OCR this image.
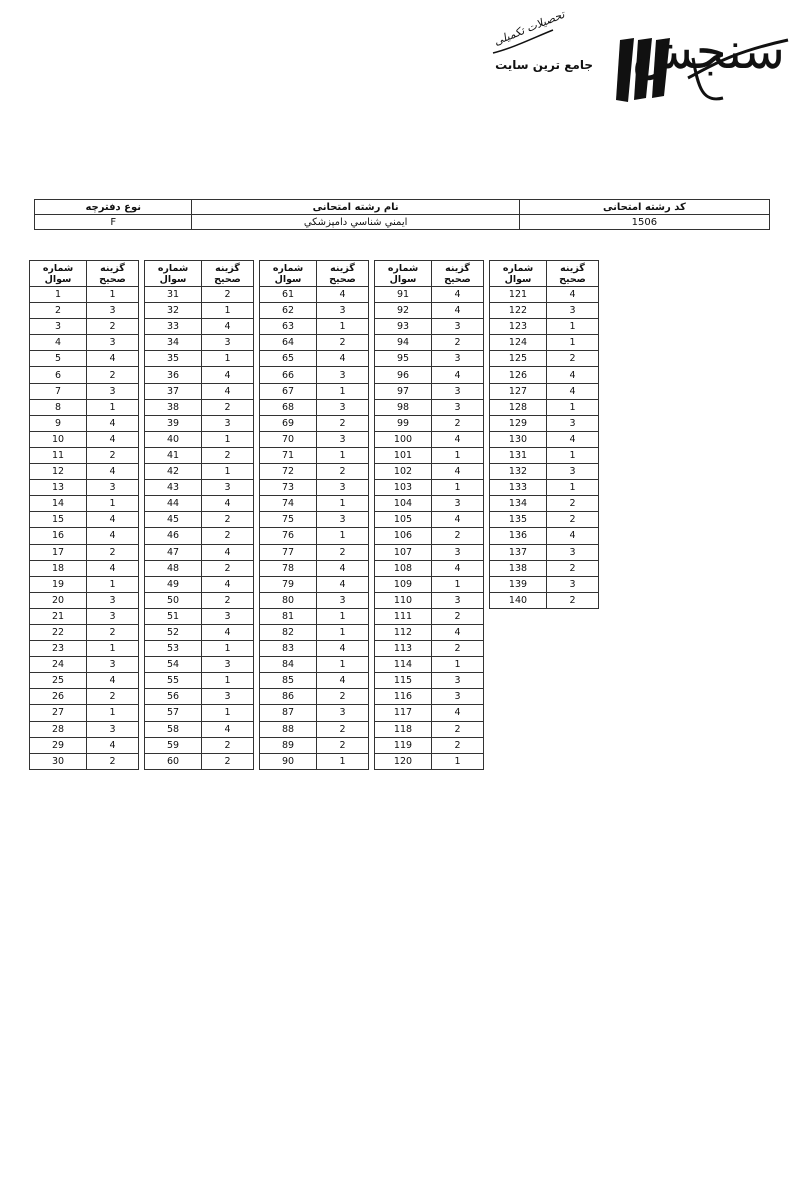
سنجش
جامع ترین سایت
تحصیلات تکمیلی
کد رشته امتحانی	نام رشته امتحانی	نوع دفترچه
1506	ايمني شناسي دامپزشكي	F
شماره سوال	گزینه صحیح
1	1
2	3
3	2
4	3
5	4
6	2
7	3
8	1
9	4
10	4
11	2
12	4
13	3
14	1
15	4
16	4
17	2
18	4
19	1
20	3
21	3
22	2
23	1
24	3
25	4
26	2
27	1
28	3
29	4
30	2
شماره سوال	گزینه صحیح
31	2
32	1
33	4
34	3
35	1
36	4
37	4
38	2
39	3
40	1
41	2
42	1
43	3
44	4
45	2
46	2
47	4
48	2
49	4
50	2
51	3
52	4
53	1
54	3
55	1
56	3
57	1
58	4
59	2
60	2
شماره سوال	گزینه صحیح
61	4
62	3
63	1
64	2
65	4
66	3
67	1
68	3
69	2
70	3
71	1
72	2
73	3
74	1
75	3
76	1
77	2
78	4
79	4
80	3
81	1
82	1
83	4
84	1
85	4
86	2
87	3
88	2
89	2
90	1
شماره سوال	گزینه صحیح
91	4
92	4
93	3
94	2
95	3
96	4
97	3
98	3
99	2
100	4
101	1
102	4
103	1
104	3
105	4
106	2
107	3
108	4
109	1
110	3
111	2
112	4
113	2
114	1
115	3
116	3
117	4
118	2
119	2
120	1
شماره سوال	گزینه صحیح
121	4
122	3
123	1
124	1
125	2
126	4
127	4
128	1
129	3
130	4
131	1
132	3
133	1
134	2
135	2
136	4
137	3
138	2
139	3
140	2
